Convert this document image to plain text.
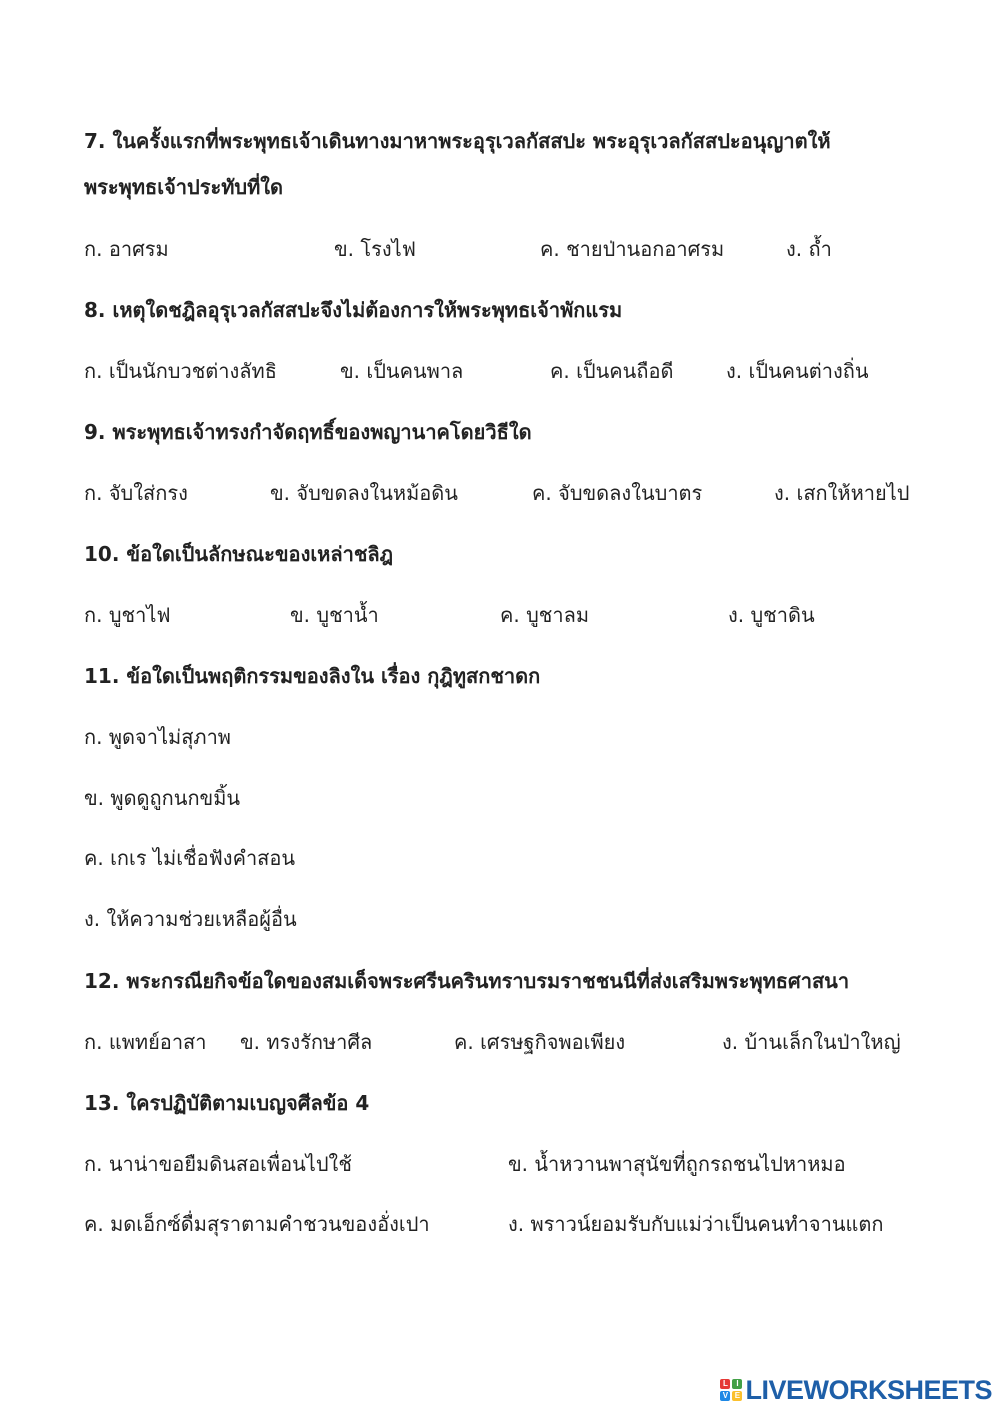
7. ในครั้งแรกที่พระพุทธเจ้าเดินทางมาหาพระอุรุเวลกัสสปะ พระอุรุเวลกัสสปะอนุญาตให้
พระพุทธเจ้าประทับที่ใด
ก. อาศรม	ข. โรงไฟ	ค. ชายป่านอกอาศรม	ง. ถ้ำ
8. เหตุใดชฎิลอุรุเวลกัสสปะจึงไม่ต้องการให้พระพุทธเจ้าพักแรม
ก. เป็นนักบวชต่างลัทธิ	ข. เป็นคนพาล	ค. เป็นคนถือดี	ง. เป็นคนต่างถิ่น
9. พระพุทธเจ้าทรงกำจัดฤทธิ์ของพญานาคโดยวิธีใด
ก. จับใส่กรง	ข. จับขดลงในหม้อดิน	ค. จับขดลงในบาตร	ง. เสกให้หายไป
10. ข้อใดเป็นลักษณะของเหล่าชลิฎ
ก. บูชาไฟ	ข. บูชาน้ำ	ค. บูชาลม	ง. บูชาดิน
11. ข้อใดเป็นพฤติกรรมของลิงใน เรื่อง กุฎิทูสกชาดก
ก. พูดจาไม่สุภาพ
ข. พูดดูถูกนกขมิ้น
ค. เกเร ไม่เชื่อฟังคำสอน
ง. ให้ความช่วยเหลือผู้อื่น
12. พระกรณียกิจข้อใดของสมเด็จพระศรีนครินทราบรมราชชนนีที่ส่งเสริมพระพุทธศาสนา
ก. แพทย์อาสา ข. ทรงรักษาศีล	ค. เศรษฐกิจพอเพียง	ง. บ้านเล็กในป่าใหญ่
13. ใครปฏิบัติตามเบญจศีลข้อ 4
ก. นาน่าขอยืมดินสอเพื่อนไปใช้	ข. น้ำหวานพาสุนัขที่ถูกรถชนไปหาหมอ
ค. มดเอ็กซ์ดื่มสุราตามคำชวนของอั่งเปา	ง. พราวน์ยอมรับกับแม่ว่าเป็นคนทำจานแตก
L	I
V E LIVEWORKSHEETS
